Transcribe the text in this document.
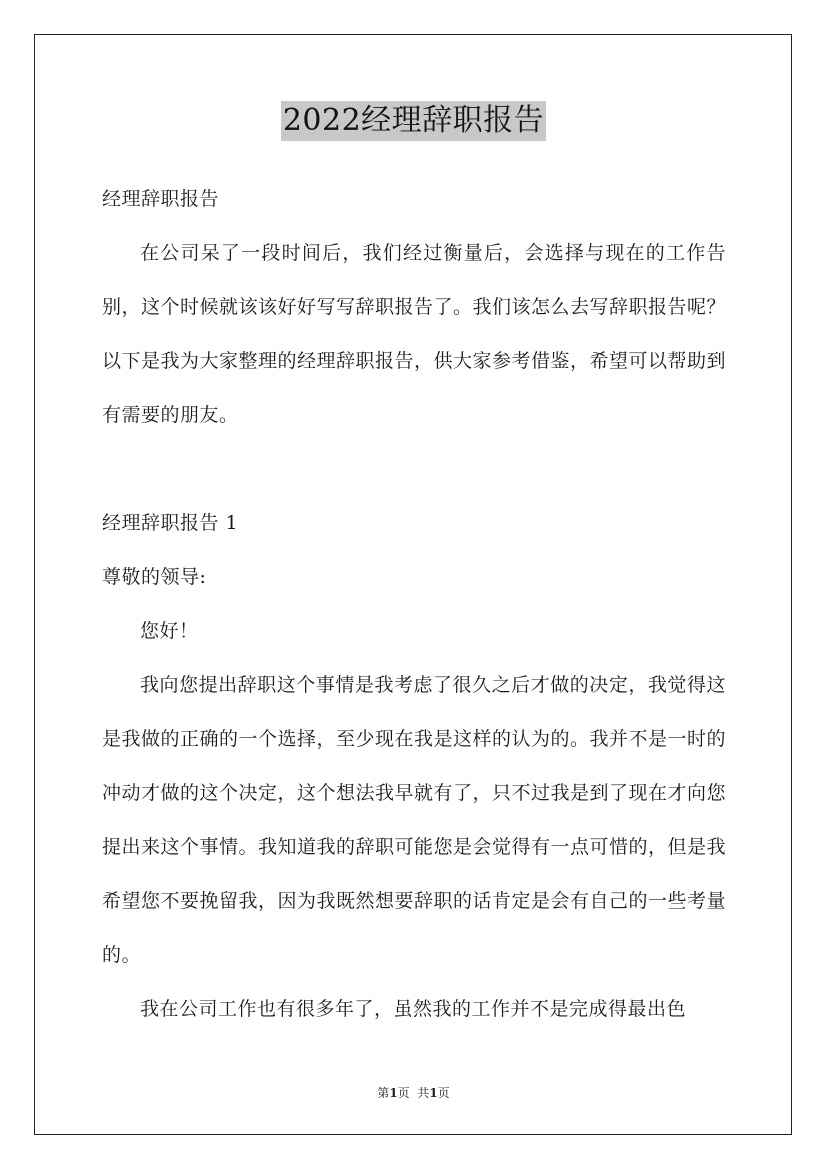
2022经理辞职报告

经理辞职报告

在公司呆了一段时间后，我们经过衡量后，会选择与现在的工作告别，这个时候就该该好好写写辞职报告了。我们该怎么去写辞职报告呢？以下是我为大家整理的经理辞职报告，供大家参考借鉴，希望可以帮助到有需要的朋友。

经理辞职报告 1

尊敬的领导:

您好！

我向您提出辞职这个事情是我考虑了很久之后才做的决定，我觉得这是我做的正确的一个选择，至少现在我是这样的认为的。我并不是一时的冲动才做的这个决定，这个想法我早就有了，只不过我是到了现在才向您提出来这个事情。我知道我的辞职可能您是会觉得有一点可惜的，但是我希望您不要挽留我，因为我既然想要辞职的话肯定是会有自己的一些考量的。

我在公司工作也有很多年了，虽然我的工作并不是完成得最出色

第1页  共1页
